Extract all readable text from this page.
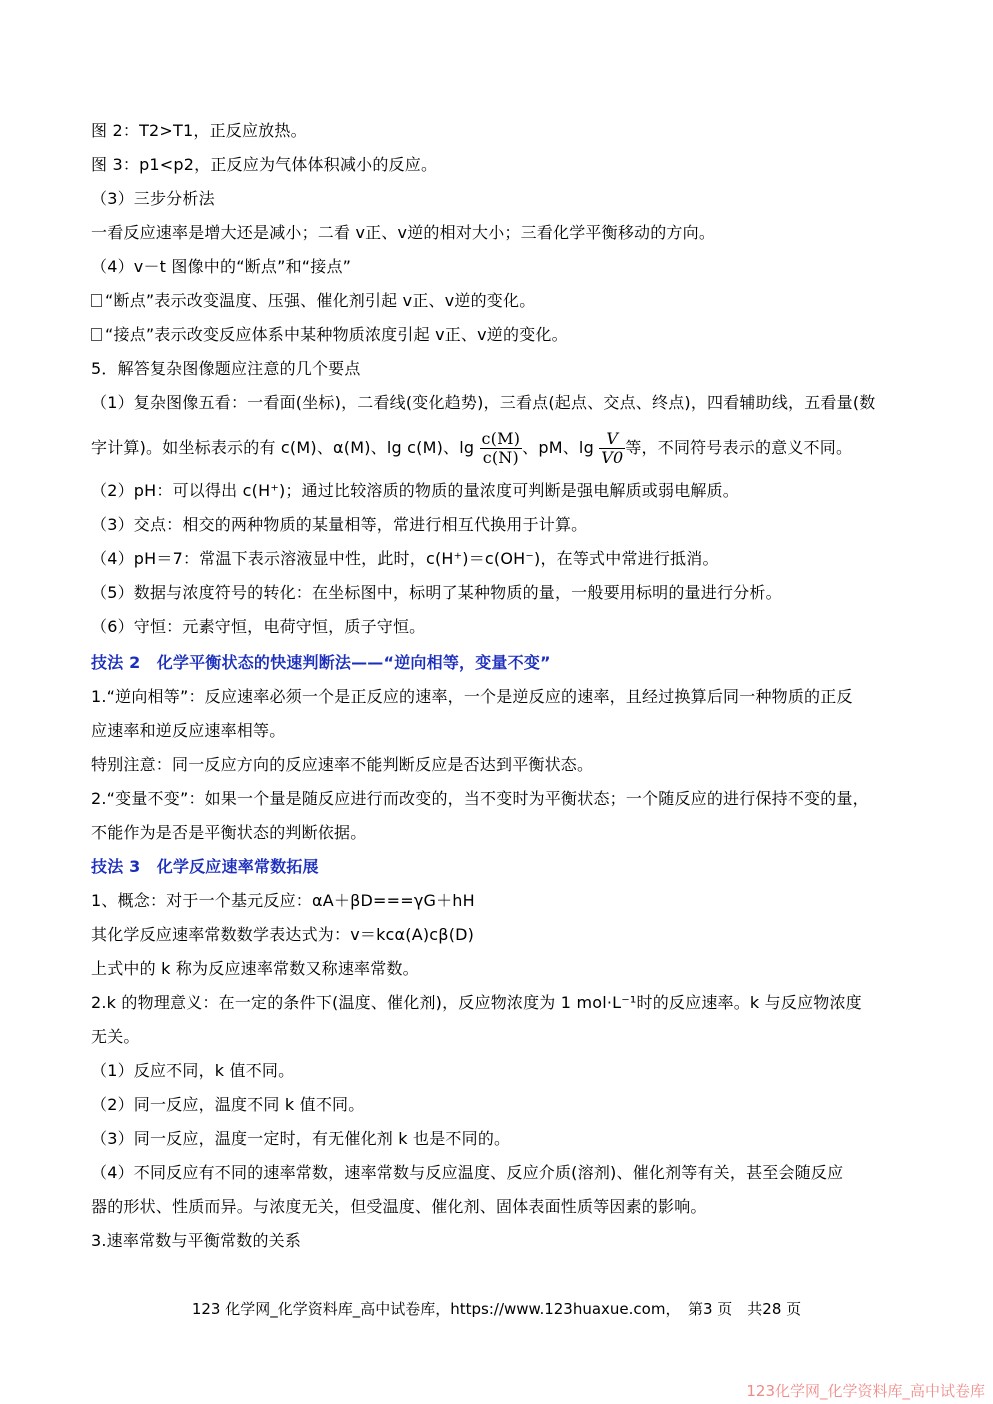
图 2：T2>T1，正反应放热。
图 3：p1<p2，正反应为气体体积减小的反应。
（3）三步分析法
一看反应速率是增大还是减小；二看 v正、v逆的相对大小；三看化学平衡移动的方向。
（4）v－t 图像中的“断点”和“接点”
“断点”表示改变温度、压强、催化剂引起 v正、v逆的变化。
“接点”表示改变反应体系中某种物质浓度引起 v正、v逆的变化。
5．解答复杂图像题应注意的几个要点
（1）复杂图像五看：一看面(坐标)，二看线(变化趋势)，三看点(起点、交点、终点)，四看辅助线，五看量(数
字计算)。如坐标表示的有 c(M)、α(M)、lg c(M)、$\lg \frac{c(M)}{c(N)}$ 、pM、$\lg \frac{V}{V0}$ 等，不同符号表示的意义不同。
（2）pH：可以得出 c(H⁺)；通过比较溶质的物质的量浓度可判断是强电解质或弱电解质。
（3）交点：相交的两种物质的某量相等，常进行相互代换用于计算。
（4）pH＝7：常温下表示溶液显中性，此时，c(H⁺)＝c(OH⁻)，在等式中常进行抵消。
（5）数据与浓度符号的转化：在坐标图中，标明了某种物质的量，一般要用标明的量进行分析。
（6）守恒：元素守恒，电荷守恒，质子守恒。
技法 2　化学平衡状态的快速判断法——“逆向相等，变量不变”
1.“逆向相等”：反应速率必须一个是正反应的速率，一个是逆反应的速率，且经过换算后同一种物质的正反
应速率和逆反应速率相等。
特别注意：同一反应方向的反应速率不能判断反应是否达到平衡状态。
2.“变量不变”：如果一个量是随反应进行而改变的，当不变时为平衡状态；一个随反应的进行保持不变的量，
不能作为是否是平衡状态的判断依据。
技法 3　化学反应速率常数拓展
1、概念：对于一个基元反应：αA＋βD===γG＋hH
其化学反应速率常数数学表达式为：v＝kcα(A)cβ(D)
上式中的 k 称为反应速率常数又称速率常数。
2.k 的物理意义：在一定的条件下(温度、催化剂)，反应物浓度为 1 mol·L⁻¹时的反应速率。k 与反应物浓度
无关。
（1）反应不同，k 值不同。
（2）同一反应，温度不同 k 值不同。
（3）同一反应，温度一定时，有无催化剂 k 也是不同的。
（4）不同反应有不同的速率常数，速率常数与反应温度、反应介质(溶剂)、催化剂等有关，甚至会随反应
器的形状、性质而异。与浓度无关，但受温度、催化剂、固体表面性质等因素的影响。
3.速率常数与平衡常数的关系
123 化学网_化学资料库_高中试卷库，https://www.123huaxue.com，　第3 页　共28 页
123化学网_化学资料库_高中试卷库
